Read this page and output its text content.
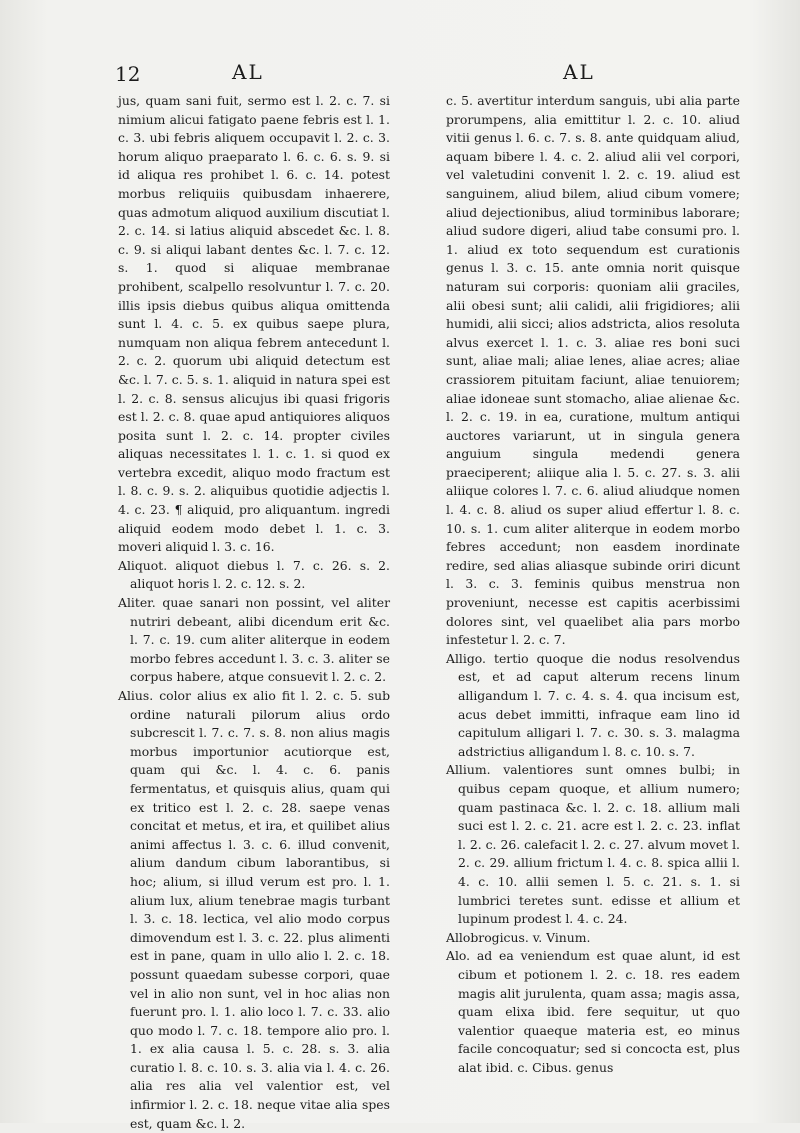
12	AL	AL

jus, quam sani fuit, sermo est l. 2. c. 7. si nimium alicui fatigato paene febris est l. 1. c. 3. ubi febris aliquem occupavit l. 2. c. 3. horum aliquo praeparato l. 6. c. 6. s. 9. si id aliqua res prohibet l. 6. c. 14. potest morbus reliquiis quibusdam inhaerere, quas admotum aliquod auxilium discutiat l. 2. c. 14. si latius aliquid abscedet &c. l. 8. c. 9. si aliqui labant dentes &c. l. 7. c. 12. s. 1. quod si aliquae membranae prohibent, scalpello resolvuntur l. 7. c. 20. illis ipsis diebus quibus aliqua omittenda sunt l. 4. c. 5. ex quibus saepe plura, numquam non aliqua febrem antecedunt l. 2. c. 2. quorum ubi aliquid detectum est &c. l. 7. c. 5. s. 1. aliquid in natura spei est l. 2. c. 8. sensus alicujus ibi quasi frigoris est l. 2. c. 8. quae apud antiquiores aliquos posita sunt l. 2. c. 14. propter civiles aliquas necessitates l. 1. c. 1. si quod ex vertebra excedit, aliquo modo fractum est l. 8. c. 9. s. 2. aliquibus quotidie adjectis l. 4. c. 23. ¶ aliquid, pro aliquantum. ingredi aliquid eodem modo debet l. 1. c. 3. moveri aliquid l. 3. c. 16.

Aliquot. aliquot diebus l. 7. c. 26. s. 2. aliquot horis l. 2. c. 12. s. 2.

Aliter. quae sanari non possint, vel aliter nutriri debeant, alibi dicendum erit &c. l. 7. c. 19. cum aliter aliterque in eodem morbo febres accedunt l. 3. c. 3. aliter se corpus habere, atque consuevit l. 2. c. 2.

Alius. color alius ex alio fit l. 2. c. 5. sub ordine naturali pilorum alius ordo subcrescit l. 7. c. 7. s. 8. non alius magis morbus importunior acutiorque est, quam qui &c. l. 4. c. 6. panis fermentatus, et quisquis alius, quam qui ex tritico est l. 2. c. 28. saepe venas concitat et metus, et ira, et quilibet alius animi affectus l. 3. c. 6. illud convenit, alium dandum cibum laborantibus, si hoc; alium, si illud verum est pro. l. 1. alium lux, alium tenebrae magis turbant l. 3. c. 18. lectica, vel alio modo corpus dimovendum est l. 3. c. 22. plus alimenti est in pane, quam in ullo alio l. 2. c. 18. possunt quaedam subesse corpori, quae vel in alio non sunt, vel in hoc alias non fuerunt pro. l. 1. alio loco l. 7. c. 33. alio quo modo l. 7. c. 18. tempore alio pro. l. 1. ex alia causa l. 5. c. 28. s. 3. alia curatio l. 8. c. 10. s. 3. alia via l. 4. c. 26. alia res alia vel valentior est, vel infirmior l. 2. c. 18. neque vitae alia spes est, quam &c. l. 2.

c. 5. avertitur interdum sanguis, ubi alia parte prorumpens, alia emittitur l. 2. c. 10. aliud vitii genus l. 6. c. 7. s. 8. ante quidquam aliud, aquam bibere l. 4. c. 2. aliud alii vel corpori, vel valetudini convenit l. 2. c. 19. aliud est sanguinem, aliud bilem, aliud cibum vomere; aliud dejectionibus, aliud torminibus laborare; aliud sudore digeri, aliud tabe consumi pro. l. 1. aliud ex toto sequendum est curationis genus l. 3. c. 15. ante omnia norit quisque naturam sui corporis: quoniam alii graciles, alii obesi sunt; alii calidi, alii frigidiores; alii humidi, alii sicci; alios adstricta, alios resoluta alvus exercet l. 1. c. 3. aliae res boni suci sunt, aliae mali; aliae lenes, aliae acres; aliae crassiorem pituitam faciunt, aliae tenuiorem; aliae idoneae sunt stomacho, aliae alienae &c. l. 2. c. 19. in ea, curatione, multum antiqui auctores variarunt, ut in singula genera anguium singula medendi genera praeciperent; aliique alia l. 5. c. 27. s. 3. alii aliique colores l. 7. c. 6. aliud aliudque nomen l. 4. c. 8. aliud os super aliud effertur l. 8. c. 10. s. 1. cum aliter aliterque in eodem morbo febres accedunt; non easdem inordinate redire, sed alias aliasque subinde oriri dicunt l. 3. c. 3. feminis quibus menstrua non proveniunt, necesse est capitis acerbissimi dolores sint, vel quaelibet alia pars morbo infestetur l. 2. c. 7.

Alligo. tertio quoque die nodus resolvendus est, et ad caput alterum recens linum alligandum l. 7. c. 4. s. 4. qua incisum est, acus debet immitti, infraque eam lino id capitulum alligari l. 7. c. 30. s. 3. malagma adstrictius alligandum l. 8. c. 10. s. 7.

Allium. valentiores sunt omnes bulbi; in quibus cepam quoque, et allium numero; quam pastinaca &c. l. 2. c. 18. allium mali suci est l. 2. c. 21. acre est l. 2. c. 23. inflat l. 2. c. 26. calefacit l. 2. c. 27. alvum movet l. 2. c. 29. allium frictum l. 4. c. 8. spica allii l. 4. c. 10. allii semen l. 5. c. 21. s. 1. si lumbrici teretes sunt. edisse et allium et lupinum prodest l. 4. c. 24.

Allobrogicus. v. Vinum.

Alo. ad ea veniendum est quae alunt, id est cibum et potionem l. 2. c. 18. res eadem magis alit jurulenta, quam assa; magis assa, quam elixa ibid. fere sequitur, ut quo valentior quaeque materia est, eo minus facile concoquatur; sed si concocta est, plus alat ibid. c. Cibus. genus
